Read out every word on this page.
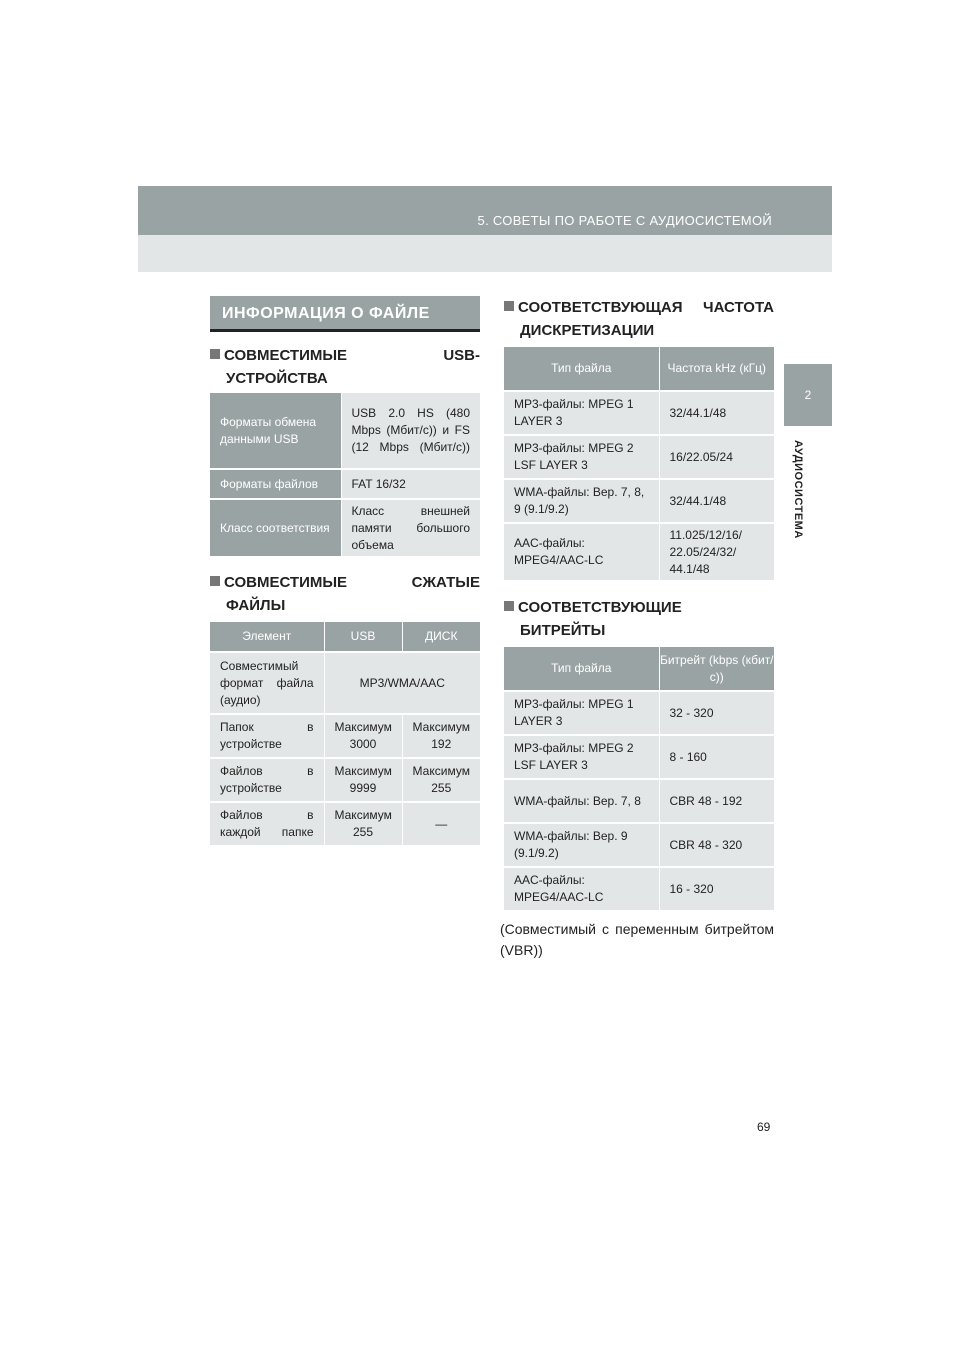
5. СОВЕТЫ ПО РАБОТЕ С АУДИОСИСТЕМОЙ
2
АУДИОСИСТЕМА
ИНФОРМАЦИЯ О ФАЙЛЕ
СОВМЕСТИМЫЕ	USB-
УСТРОЙСТВА
Форматы обмена данными USB	USB 2.0 HS (480 Mbps (Мбит/с)) и FS (12 Mbps (Мбит/с))
Форматы файлов	FAT 16/32
Класс соответствия	Класс внешней памяти большого объема
СОВМЕСТИМЫЕ	СЖАТЫЕ
ФАЙЛЫ
Элемент	USB	ДИСК
Совместимый формат файла (аудио)	MP3/WMA/AAC	
Папок в устройстве	Максимум 3000	Максимум 192
Файлов в устройстве	Максимум 9999	Максимум 255
Файлов в каждой папке	Максимум 255	—
СООТВЕТСТВУЮЩАЯ ЧАСТОТА
ДИСКРЕТИЗАЦИИ
Тип файла	Частота kHz (кГц)
MP3-файлы: MPEG 1 LAYER 3	32/44.1/48
MP3-файлы: MPEG 2 LSF LAYER 3	16/22.05/24
WMA-файлы: Вер. 7, 8, 9 (9.1/9.2)	32/44.1/48
AAC-файлы: MPEG4/AAC-LC	11.025/12/16/ 22.05/24/32/ 44.1/48
СООТВЕТСТВУЮЩИЕ
БИТРЕЙТЫ
Тип файла	Битрейт (kbps (кбит/с))
MP3-файлы: MPEG 1 LAYER 3	32 - 320
MP3-файлы: MPEG 2 LSF LAYER 3	8 - 160
WMA-файлы: Вер. 7, 8	CBR 48 - 192
WMA-файлы: Вер. 9 (9.1/9.2)	CBR 48 - 320
AAC-файлы: MPEG4/AAC-LC	16 - 320
(Совместимый с переменным битрейтом (VBR))
69
